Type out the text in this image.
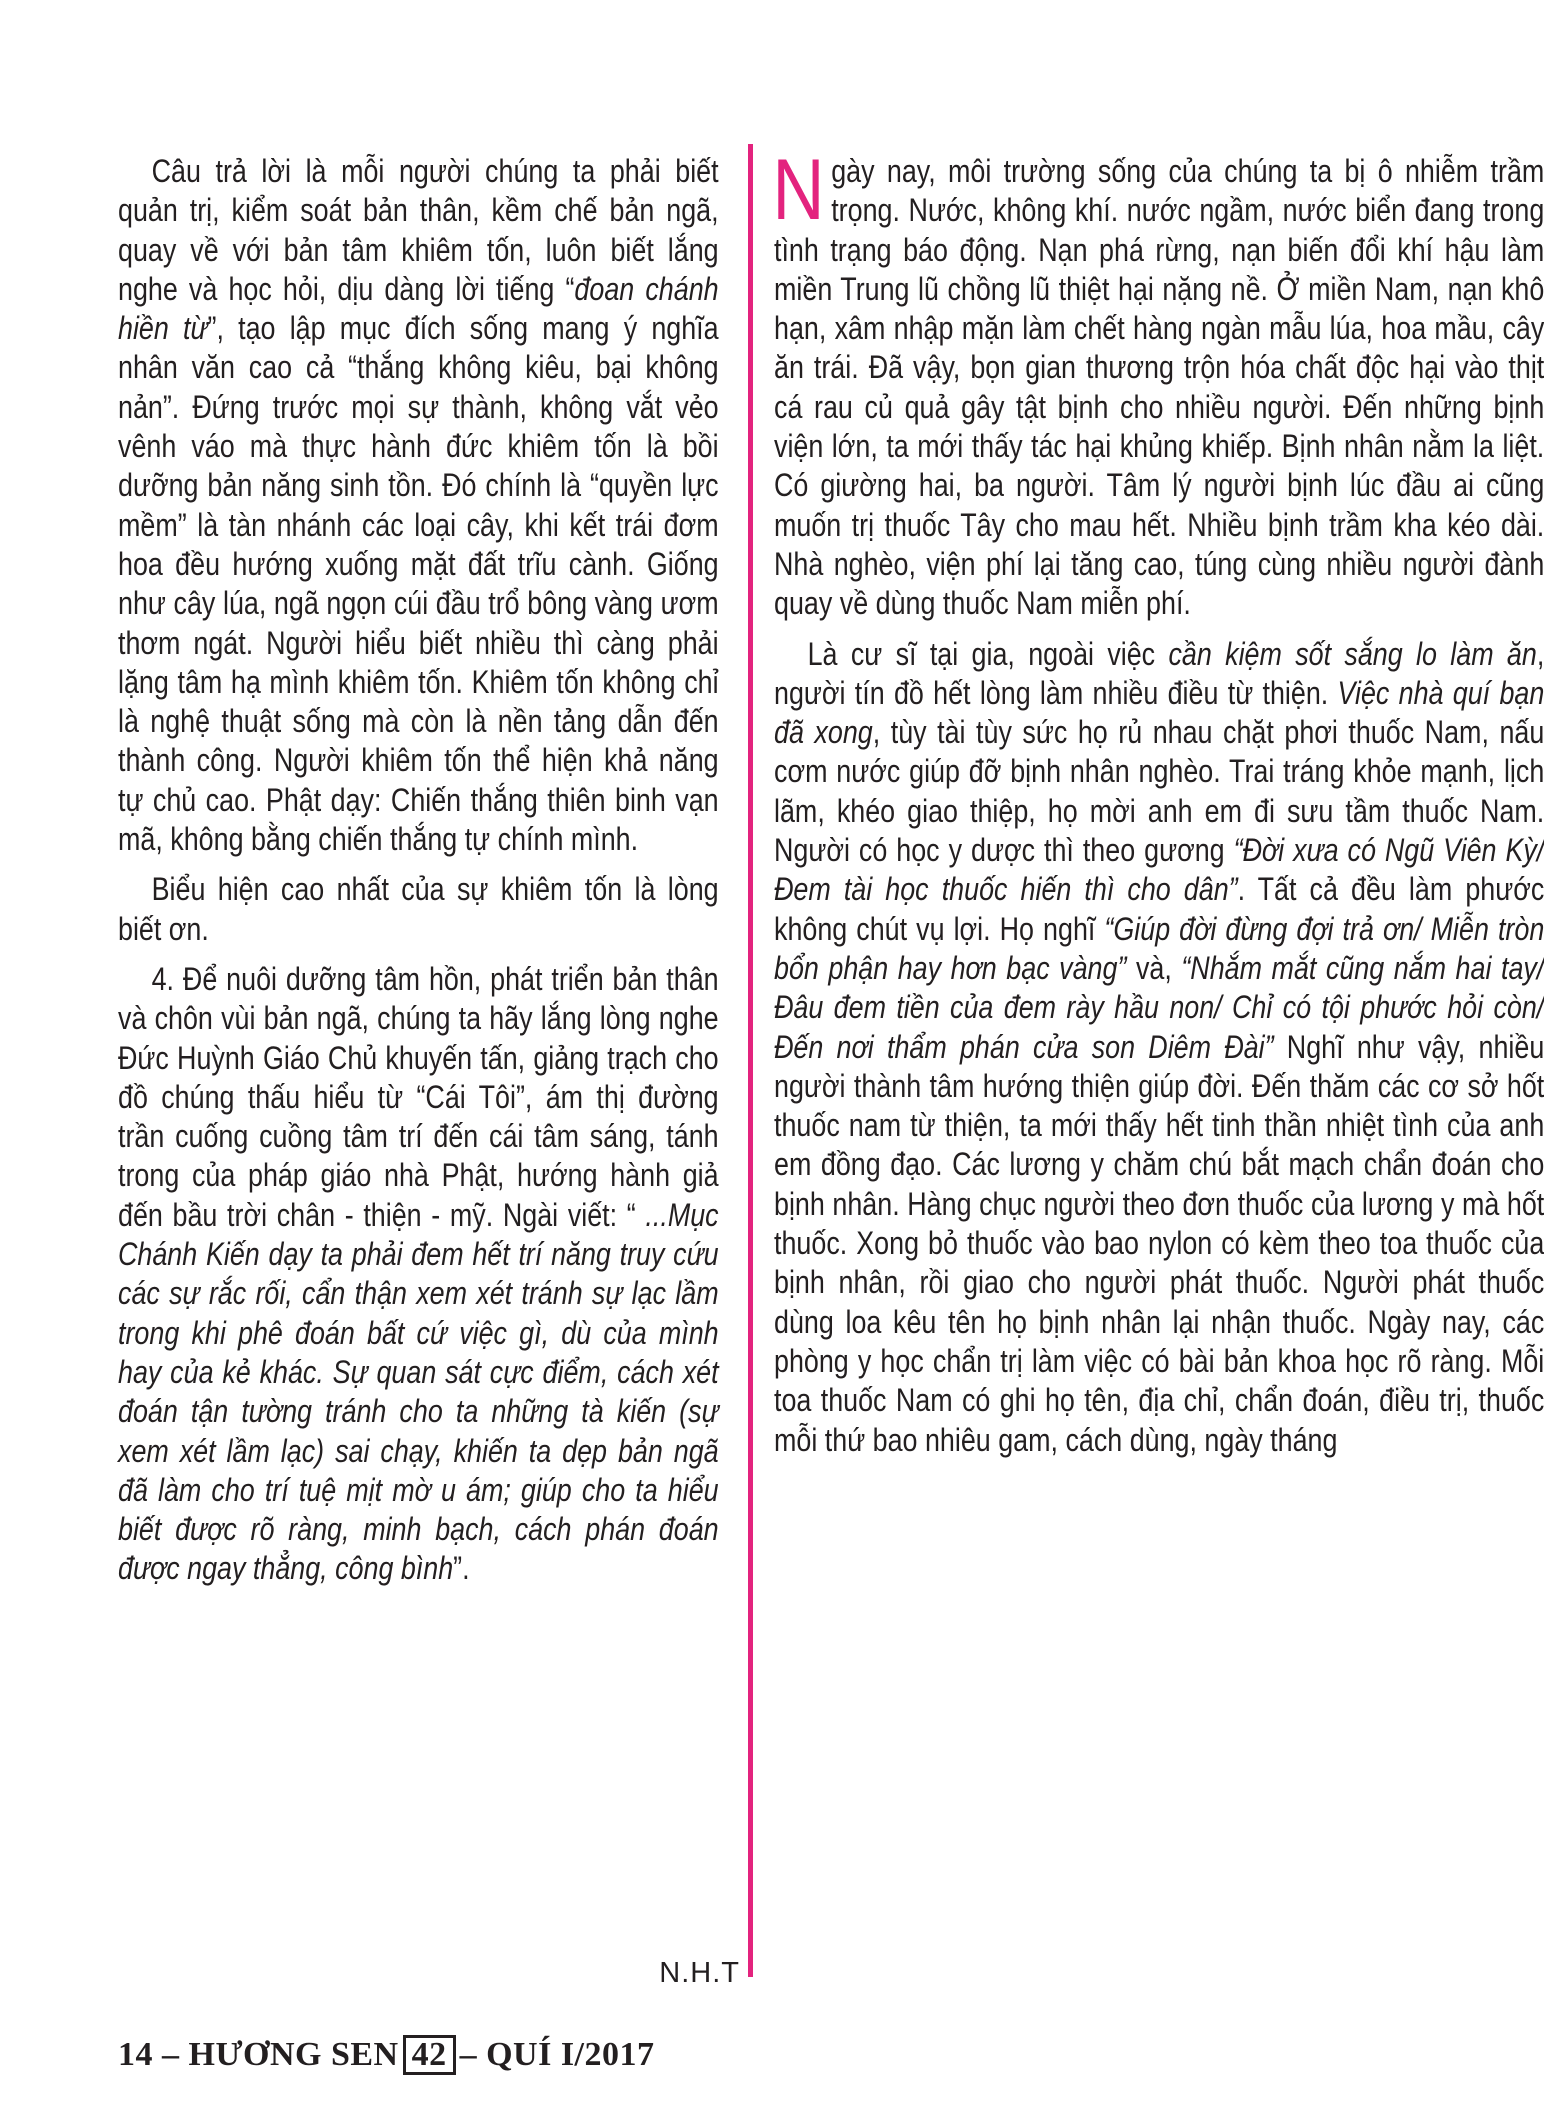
Câu trả lời là mỗi người chúng ta phải biết quản trị, kiểm soát bản thân, kềm chế bản ngã, quay về với bản tâm khiêm tốn, luôn biết lắng nghe và học hỏi, dịu dàng lời tiếng “đoan chánh hiền từ”, tạo lập mục đích sống mang ý nghĩa nhân văn cao cả “thắng không kiêu, bại không nản”. Đứng trước mọi sự thành, không vắt vẻo vênh váo mà thực hành đức khiêm tốn là bồi dưỡng bản năng sinh tồn. Đó chính là “quyền lực mềm” là tàn nhánh các loại cây, khi kết trái đơm hoa đều hướng xuống mặt đất trĩu cành. Giống như cây lúa, ngã ngọn cúi đầu trổ bông vàng ươm thơm ngát. Người hiểu biết nhiều thì càng phải lặng tâm hạ mình khiêm tốn. Khiêm tốn không chỉ là nghệ thuật sống mà còn là nền tảng dẫn đến thành công. Người khiêm tốn thể hiện khả năng tự chủ cao. Phật dạy: Chiến thắng thiên binh vạn mã, không bằng chiến thắng tự chính mình.

Biểu hiện cao nhất của sự khiêm tốn là lòng biết ơn.

4. Để nuôi dưỡng tâm hồn, phát triển bản thân và chôn vùi bản ngã, chúng ta hãy lắng lòng nghe Đức Huỳnh Giáo Chủ khuyến tấn, giảng trạch cho đồ chúng thấu hiểu từ “Cái Tôi”, ám thị đường trần cuống cuồng tâm trí đến cái tâm sáng, tánh trong của pháp giáo nhà Phật, hướng hành giả đến bầu trời chân - thiện - mỹ. Ngài viết: “ ...Mục Chánh Kiến dạy ta phải đem hết trí năng truy cứu các sự rắc rối, cẩn thận xem xét tránh sự lạc lầm trong khi phê đoán bất cứ việc gì, dù của mình hay của kẻ khác. Sự quan sát cực điểm, cách xét đoán tận tường tránh cho ta những tà kiến (sự xem xét lầm lạc) sai chạy, khiến ta dẹp bản ngã đã làm cho trí tuệ mịt mờ u ám; giúp cho ta hiểu biết được rõ ràng, minh bạch, cách phán đoán được ngay thẳng, công bình”.

N.H.T

Ngày nay, môi trường sống của chúng ta bị ô nhiễm trầm trọng. Nước, không khí. nước ngầm, nước biển đang trong tình trạng báo động. Nạn phá rừng, nạn biến đổi khí hậu làm miền Trung lũ chồng lũ thiệt hại nặng nề. Ở miền Nam, nạn khô hạn, xâm nhập mặn làm chết hàng ngàn mẫu lúa, hoa mầu, cây ăn trái. Đã vậy, bọn gian thương trộn hóa chất độc hại vào thịt cá rau củ quả gây tật bịnh cho nhiều người. Đến những bịnh viện lớn, ta mới thấy tác hại khủng khiếp. Bịnh nhân nằm la liệt. Có giường hai, ba người. Tâm lý người bịnh lúc đầu ai cũng muốn trị thuốc Tây cho mau hết. Nhiều bịnh trầm kha kéo dài. Nhà nghèo, viện phí lại tăng cao, túng cùng nhiều người đành quay về dùng thuốc Nam miễn phí.

Là cư sĩ tại gia, ngoài việc cần kiệm sốt sắng lo làm ăn, người tín đồ hết lòng làm nhiều điều từ thiện. Việc nhà quí bạn đã xong, tùy tài tùy sức họ rủ nhau chặt phơi thuốc Nam, nấu cơm nước giúp đỡ bịnh nhân nghèo. Trai tráng khỏe mạnh, lịch lãm, khéo giao thiệp, họ mời anh em đi sưu tầm thuốc Nam. Người có học y dược thì theo gương “Đời xưa có Ngũ Viên Kỳ/Đem tài học thuốc hiến thì cho dân”. Tất cả đều làm phước không chút vụ lợi. Họ nghĩ “Giúp đời đừng đợi trả ơn/ Miễn tròn bổn phận hay hơn bạc vàng” và, “Nhắm mắt cũng nắm hai tay/ Đâu đem tiền của đem rày hầu non/ Chỉ có tội phước hỏi còn/ Đến nơi thẩm phán cửa son Diêm Đài” Nghĩ như vậy, nhiều người thành tâm hướng thiện giúp đời. Đến thăm các cơ sở hốt thuốc nam từ thiện, ta mới thấy hết tinh thần nhiệt tình của anh em đồng đạo. Các lương y chăm chú bắt mạch chẩn đoán cho bịnh nhân. Hàng chục người theo đơn thuốc của lương y mà hốt thuốc. Xong bỏ thuốc vào bao nylon có kèm theo toa thuốc của bịnh nhân, rồi giao cho người phát thuốc. Người phát thuốc dùng loa kêu tên họ bịnh nhân lại nhận thuốc. Ngày nay, các phòng y học chẩn trị làm việc có bài bản khoa học rõ ràng. Mỗi toa thuốc Nam có ghi họ tên, địa chỉ, chẩn đoán, điều trị, thuốc mỗi thứ bao nhiêu gam, cách dùng, ngày tháng

14 – HƯƠNG SEN 42 – QUÍ I/2017
